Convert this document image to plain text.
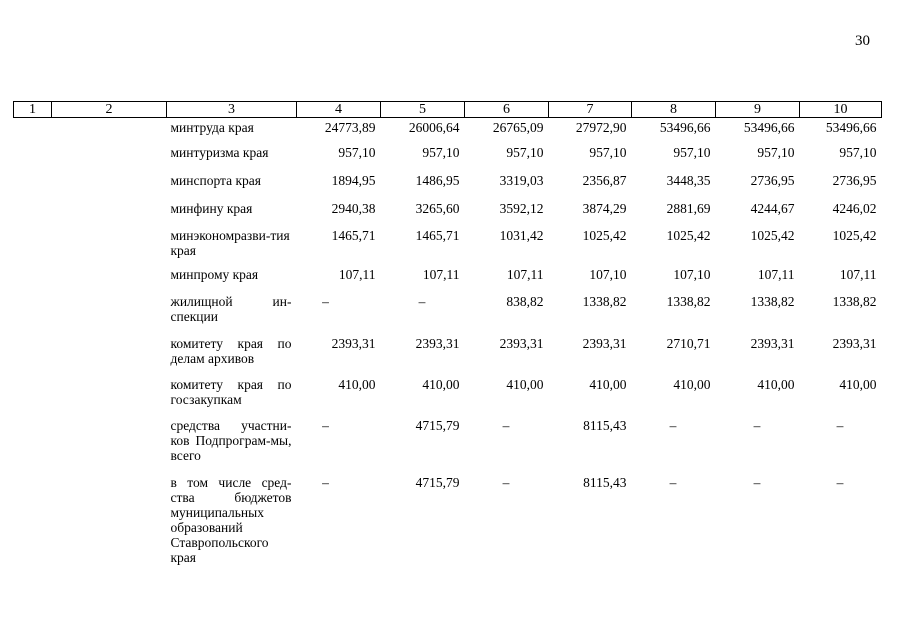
30
1	2	3	4	5	6	7	8	9	10
		минтруда края	24773,89	26006,64	26765,09	27972,90	53496,66	53496,66	53496,66
		минтуризма края	957,10	957,10	957,10	957,10	957,10	957,10	957,10
		минспорта края	1894,95	1486,95	3319,03	2356,87	3448,35	2736,95	2736,95
		минфину края	2940,38	3265,60	3592,12	3874,29	2881,69	4244,67	4246,02
		минэкономразви-тия края	1465,71	1465,71	1031,42	1025,42	1025,42	1025,42	1025,42
		минпрому края	107,11	107,11	107,11	107,10	107,10	107,11	107,11
		жилищной ин-спекции	–	–	838,82	1338,82	1338,82	1338,82	1338,82
		комитету края по делам архивов	2393,31	2393,31	2393,31	2393,31	2710,71	2393,31	2393,31
		комитету края по госзакупкам	410,00	410,00	410,00	410,00	410,00	410,00	410,00
		средства участни-ков Подпрограм-мы, всего	–	4715,79	–	8115,43	–	–	–
		в том числе сред-ства бюджетов муниципальных образований Ставропольского края	–	4715,79	–	8115,43	–	–	–
